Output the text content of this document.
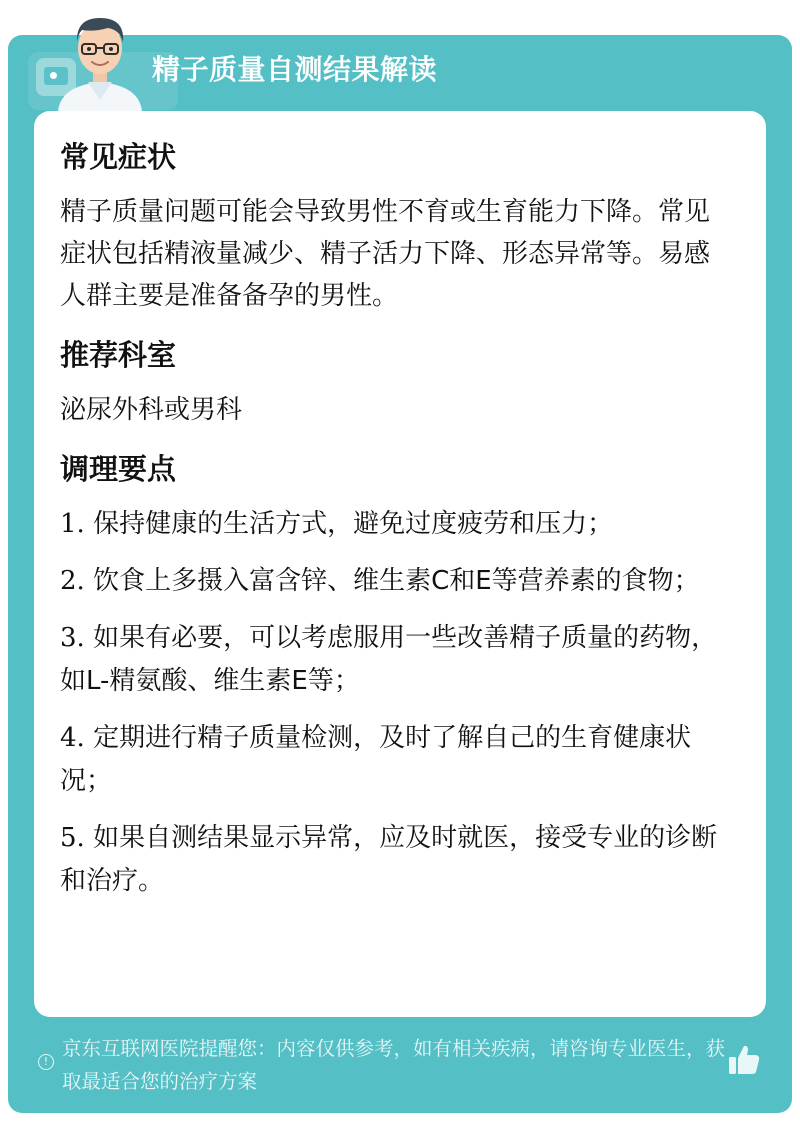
精子质量自测结果解读
常见症状
精子质量问题可能会导致男性不育或生育能力下降。常见症状包括精液量减少、精子活力下降、形态异常等。易感人群主要是准备备孕的男性。
推荐科室
泌尿外科或男科
调理要点
1. 保持健康的生活方式，避免过度疲劳和压力；
2. 饮食上多摄入富含锌、维生素C和E等营养素的食物；
3. 如果有必要，可以考虑服用一些改善精子质量的药物，如L-精氨酸、维生素E等；
4. 定期进行精子质量检测，及时了解自己的生育健康状况；
5. 如果自测结果显示异常，应及时就医，接受专业的诊断和治疗。
!
京东互联网医院提醒您：内容仅供参考，如有相关疾病，请咨询专业医生，获取最适合您的治疗方案
